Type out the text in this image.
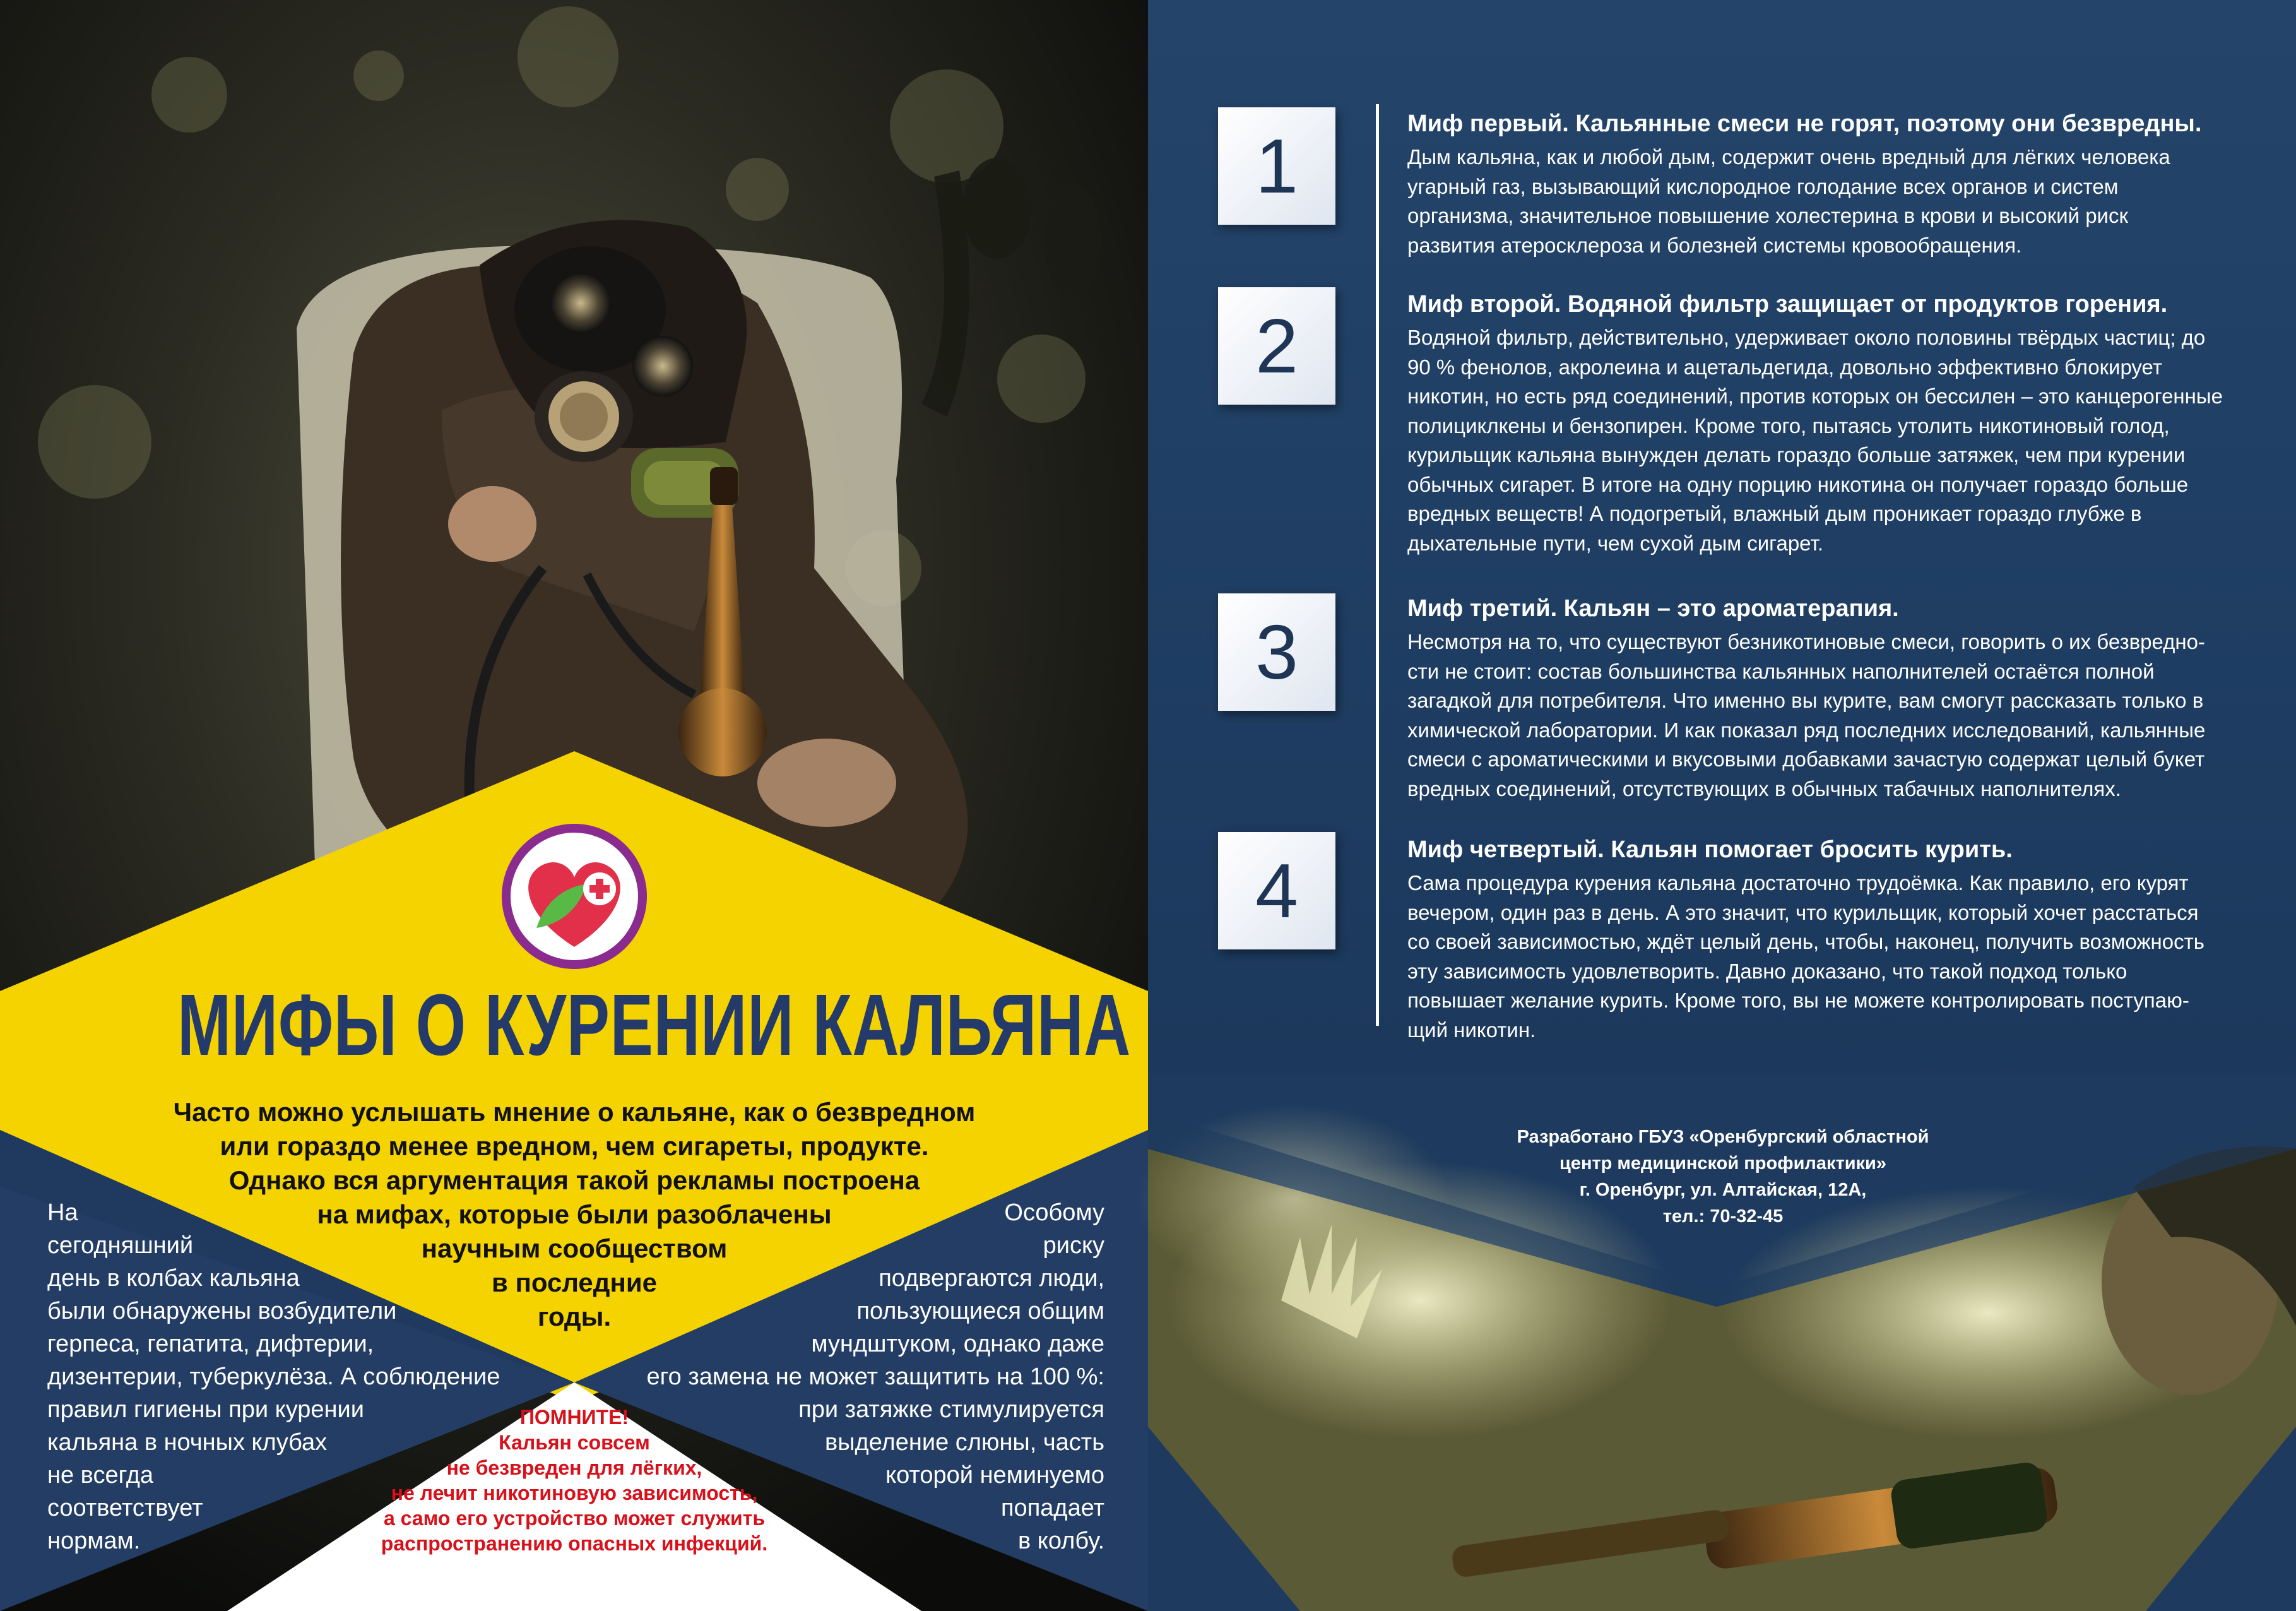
МИФЫ О КУРЕНИИ КАЛЬЯНА
Часто можно услышать мнение о кальяне, как о безвредном
или гораздо менее вредном, чем сигареты, продукте.
Однако вся аргументация такой рекламы построена
на мифах, которые были разоблачены
научным сообществом
в последние
годы.
На
сегодняшний
день в колбах кальяна
были обнаружены возбудители
герпеса, гепатита, дифтерии,
дизентерии, туберкулёза. А соблюдение
правил гигиены при курении
кальяна в ночных клубах
не всегда
соответствует
нормам.
Особому
риску
подвергаются люди,
пользующиеся общим
мундштуком, однако даже
его замена не может защитить на 100 %:
при затяжке стимулируется
выделение слюны, часть
которой неминуемо
попадает
в колбу.
ПОМНИТЕ!
Кальян совсем
не безвреден для лёгких,
не лечит никотиновую зависимость,
а само его устройство может служить
распространению опасных инфекций.
1
2
3
4
Миф первый. Кальянные смеси не горят, поэтому они безвредны.

Дым кальяна, как и любой дым, содержит очень вредный для лёгких человека
угарный газ, вызывающий кислородное голодание всех органов и систем
организма, значительное повышение холестерина в крови и высокий риск
развития атеросклероза и болезней системы кровообращения.

Миф второй. Водяной фильтр защищает от продуктов горения.

Водяной фильтр, действительно, удерживает около половины твёрдых частиц; до
90 % фенолов, акролеина и ацетальдегида, довольно эффективно блокирует
никотин, но есть ряд соединений, против которых он бессилен – это канцерогенные
полициклкены и бензопирен. Кроме того, пытаясь утолить никотиновый голод,
курильщик кальяна вынужден делать гораздо больше затяжек, чем при курении
обычных сигарет. В итоге на одну порцию никотина он получает гораздо больше
вредных веществ! А подогретый, влажный дым проникает гораздо глубже в
дыхательные пути, чем сухой дым сигарет.

Миф третий. Кальян – это ароматерапия.

Несмотря на то, что существуют безникотиновые смеси, говорить о их безвредно-
сти не стоит: состав большинства кальянных наполнителей остаётся полной
загадкой для потребителя. Что именно вы курите, вам смогут рассказать только в
химической лаборатории. И как показал ряд последних исследований, кальянные
смеси с ароматическими и вкусовыми добавками зачастую содержат целый букет
вредных соединений, отсутствующих в обычных табачных наполнителях.

Миф четвертый. Кальян помогает бросить курить.

Сама процедура курения кальяна достаточно трудоёмка. Как правило, его курят
вечером, один раз в день. А это значит, что курильщик, который хочет расстаться
со своей зависимостью, ждёт целый день, чтобы, наконец, получить возможность
эту зависимость удовлетворить. Давно доказано, что такой подход только
повышает желание курить. Кроме того, вы не можете контролировать поступаю-
щий никотин.

Разработано ГБУЗ «Оренбургский областной
центр медицинской профилактики»
г. Оренбург, ул. Алтайская, 12А,
тел.: 70-32-45
